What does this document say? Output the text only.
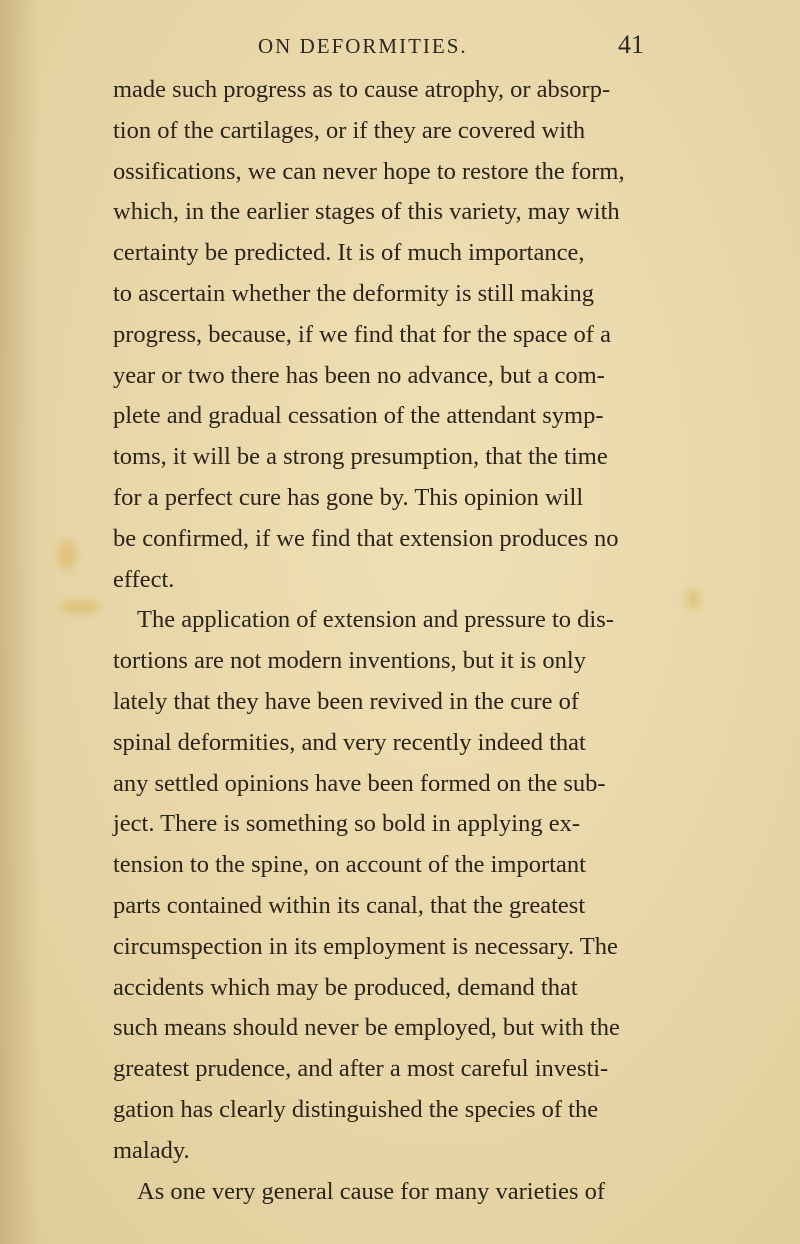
ON DEFORMITIES.	41
made such progress as to cause atrophy, or absorp-
tion of the cartilages, or if they are covered with
ossifications, we can never hope to restore the form,
which, in the earlier stages of this variety, may with
certainty be predicted. It is of much importance,
to ascertain whether the deformity is still making
progress, because, if we find that for the space of a
year or two there has been no advance, but a com-
plete and gradual cessation of the attendant symp-
toms, it will be a strong presumption, that the time
for a perfect cure has gone by. This opinion will
be confirmed, if we find that extension produces no
effect.
The application of extension and pressure to dis-
tortions are not modern inventions, but it is only
lately that they have been revived in the cure of
spinal deformities, and very recently indeed that
any settled opinions have been formed on the sub-
ject. There is something so bold in applying ex-
tension to the spine, on account of the important
parts contained within its canal, that the greatest
circumspection in its employment is necessary. The
accidents which may be produced, demand that
such means should never be employed, but with the
greatest prudence, and after a most careful investi-
gation has clearly distinguished the species of the
malady.
As one very general cause for many varieties of
